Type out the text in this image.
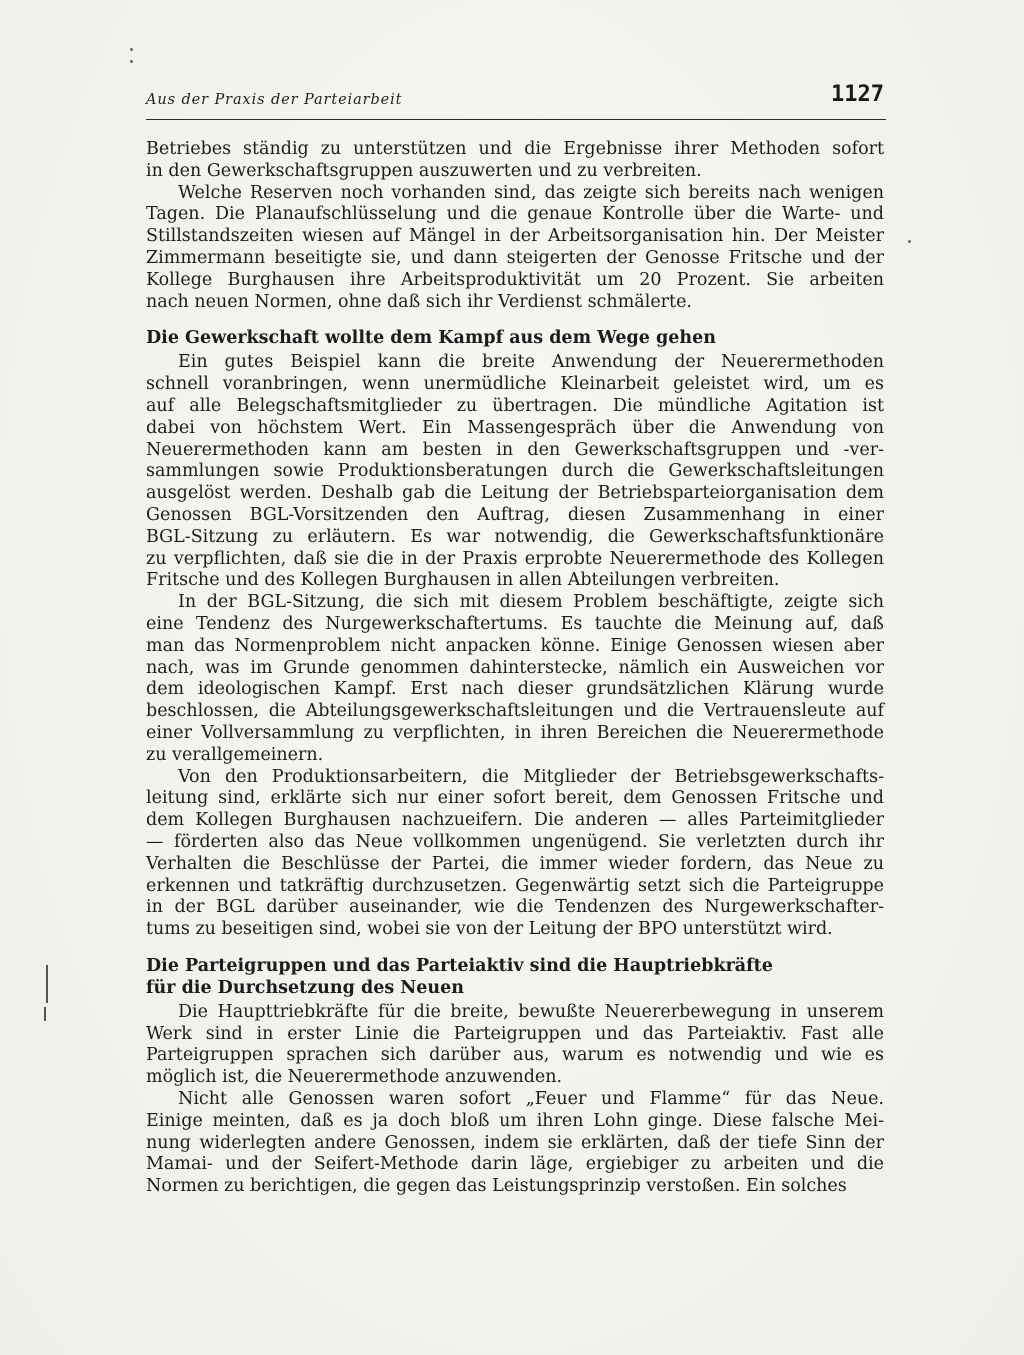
Aus der Praxis der Parteiarbeit	1127
Betriebes ständig zu unterstützen und die Ergebnisse ihrer Methoden sofort
in den Gewerkschaftsgruppen auszuwerten und zu verbreiten.
Welche Reserven noch vorhanden sind, das zeigte sich bereits nach wenigen
Tagen. Die Planaufschlüsselung und die genaue Kontrolle über die Warte- und
Stillstandszeiten wiesen auf Mängel in der Arbeitsorganisation hin. Der Meister
Zimmermann beseitigte sie, und dann steigerten der Genosse Fritsche und der
Kollege Burghausen ihre Arbeitsproduktivität um 20 Prozent. Sie arbeiten
nach neuen Normen, ohne daß sich ihr Verdienst schmälerte.
Die Gewerkschaft wollte dem Kampf aus dem Wege gehen
Ein gutes Beispiel kann die breite Anwendung der Neuerermethoden
schnell voranbringen, wenn unermüdliche Kleinarbeit geleistet wird, um es
auf alle Belegschaftsmitglieder zu übertragen. Die mündliche Agitation ist
dabei von höchstem Wert. Ein Massengespräch über die Anwendung von
Neuerermethoden kann am besten in den Gewerkschaftsgruppen und -ver-
sammlungen sowie Produktionsberatungen durch die Gewerkschaftsleitungen
ausgelöst werden. Deshalb gab die Leitung der Betriebsparteiorganisation dem
Genossen BGL-Vorsitzenden den Auftrag, diesen Zusammenhang in einer
BGL-Sitzung zu erläutern. Es war notwendig, die Gewerkschaftsfunktionäre
zu verpflichten, daß sie die in der Praxis erprobte Neuerermethode des Kollegen
Fritsche und des Kollegen Burghausen in allen Abteilungen verbreiten.
In der BGL-Sitzung, die sich mit diesem Problem beschäftigte, zeigte sich
eine Tendenz des Nurgewerkschaftertums. Es tauchte die Meinung auf, daß
man das Normenproblem nicht anpacken könne. Einige Genossen wiesen aber
nach, was im Grunde genommen dahinterstecke, nämlich ein Ausweichen vor
dem ideologischen Kampf. Erst nach dieser grundsätzlichen Klärung wurde
beschlossen, die Abteilungsgewerkschaftsleitungen und die Vertrauensleute auf
einer Vollversammlung zu verpflichten, in ihren Bereichen die Neuerermethode
zu verallgemeinern.
Von den Produktionsarbeitern, die Mitglieder der Betriebsgewerkschafts-
leitung sind, erklärte sich nur einer sofort bereit, dem Genossen Fritsche und
dem Kollegen Burghausen nachzueifern. Die anderen — alles Parteimitglieder
— förderten also das Neue vollkommen ungenügend. Sie verletzten durch ihr
Verhalten die Beschlüsse der Partei, die immer wieder fordern, das Neue zu
erkennen und tatkräftig durchzusetzen. Gegenwärtig setzt sich die Parteigruppe
in der BGL darüber auseinander, wie die Tendenzen des Nurgewerkschafter-
tums zu beseitigen sind, wobei sie von der Leitung der BPO unterstützt wird.
Die Parteigruppen und das Parteiaktiv sind die Hauptriebkräfte
für die Durchsetzung des Neuen
Die Haupttriebkräfte für die breite, bewußte Neuererbewegung in unserem
Werk sind in erster Linie die Parteigruppen und das Parteiaktiv. Fast alle
Parteigruppen sprachen sich darüber aus, warum es notwendig und wie es
möglich ist, die Neuerermethode anzuwenden.
Nicht alle Genossen waren sofort „Feuer und Flamme“ für das Neue.
Einige meinten, daß es ja doch bloß um ihren Lohn ginge. Diese falsche Mei-
nung widerlegten andere Genossen, indem sie erklärten, daß der tiefe Sinn der
Mamai- und der Seifert-Methode darin läge, ergiebiger zu arbeiten und die
Normen zu berichtigen, die gegen das Leistungsprinzip verstoßen. Ein solches
